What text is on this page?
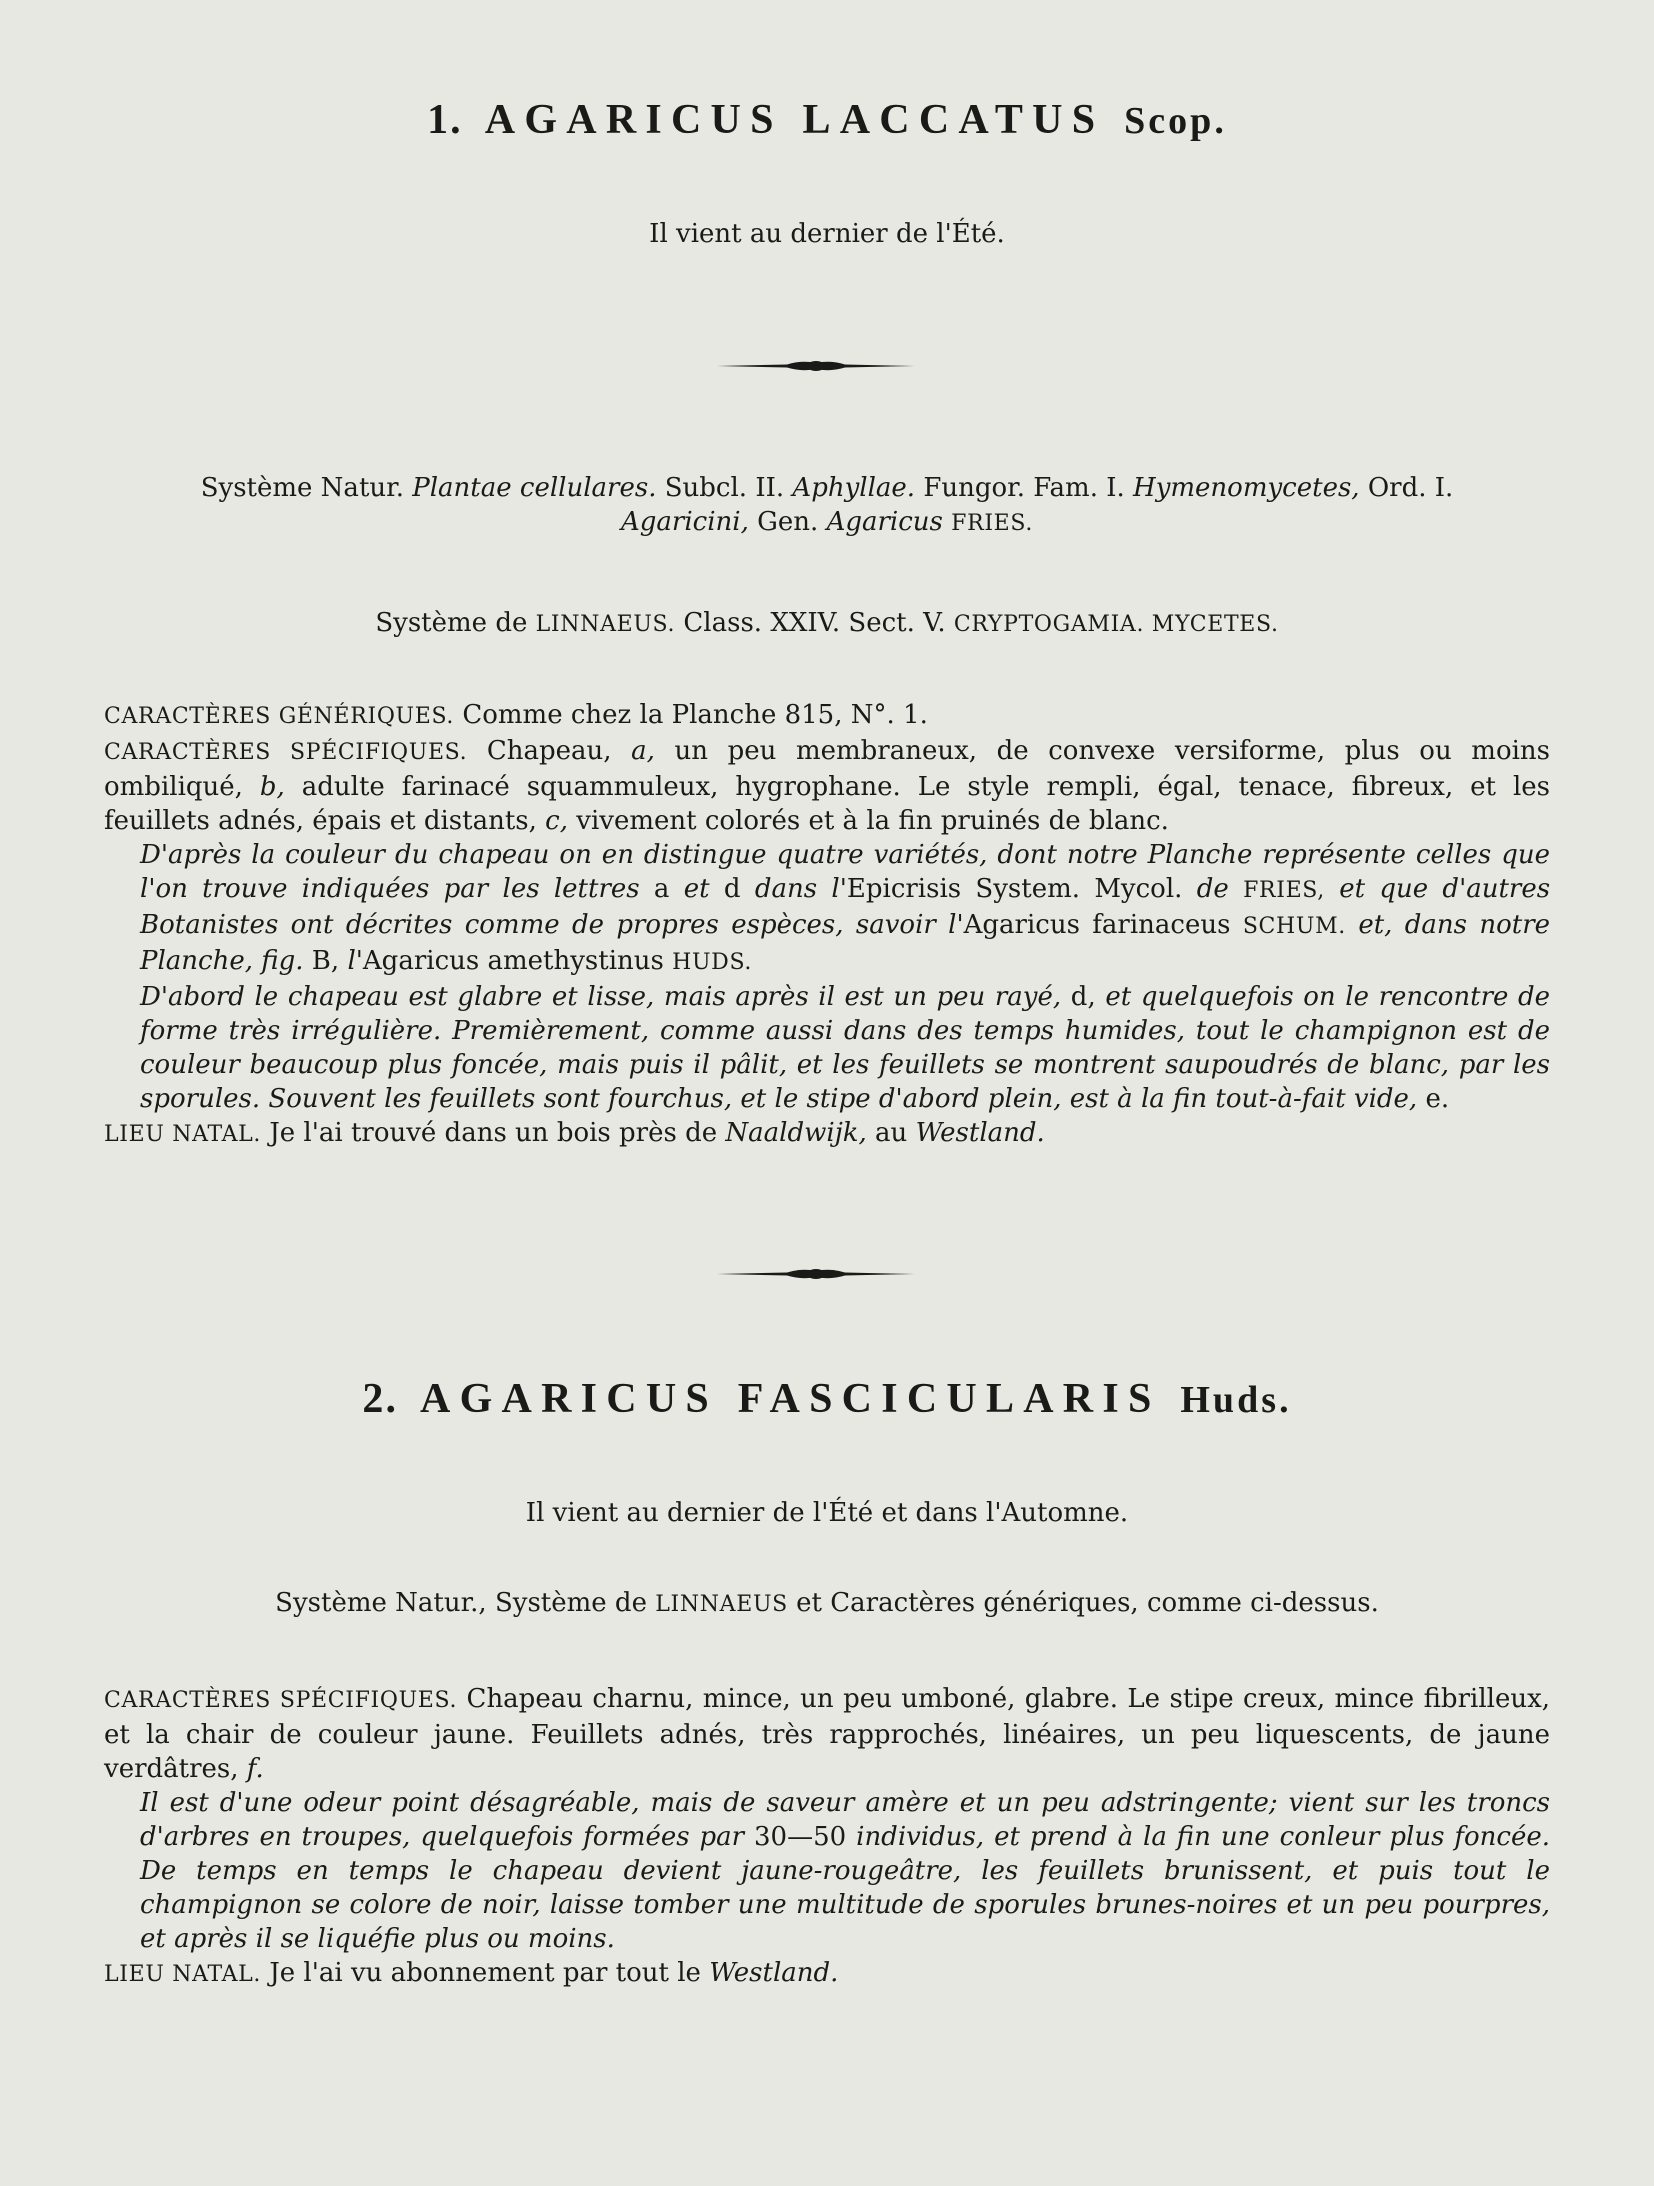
1. AGARICUS LACCATUS Scop.
Il vient au dernier de l'Été.
Système Natur. Plantae cellulares. Subcl. II. Aphyllae. Fungor. Fam. I. Hymenomycetes, Ord. I.
Agaricini, Gen. Agaricus FRIES.
Système de LINNAEUS. Class. XXIV. Sect. V. CRYPTOGAMIA. MYCETES.

CARACTÈRES GÉNÉRIQUES. Comme chez la Planche 815, N°. 1.

CARACTÈRES SPÉCIFIQUES. Chapeau, a, un peu membraneux, de convexe versiforme, plus ou moins ombiliqué, b, adulte farinacé squammuleux, hygrophane. Le style rempli, égal, tenace, fibreux, et les feuillets adnés, épais et distants, c, vivement colorés et à la fin pruinés de blanc.

D'après la couleur du chapeau on en distingue quatre variétés, dont notre Planche représente celles que l'on trouve indiquées par les lettres a et d dans l'Epicrisis System. Mycol. de FRIES, et que d'autres Botanistes ont décrites comme de propres espèces, savoir l'Agaricus farinaceus SCHUM. et, dans notre Planche, fig. B, l'Agaricus amethystinus HUDS.

D'abord le chapeau est glabre et lisse, mais après il est un peu rayé, d, et quelquefois on le rencontre de forme très irrégulière. Premièrement, comme aussi dans des temps humides, tout le champignon est de couleur beaucoup plus foncée, mais puis il pâlit, et les feuillets se montrent saupoudrés de blanc, par les sporules. Souvent les feuillets sont fourchus, et le stipe d'abord plein, est à la fin tout-à-fait vide, e.

LIEU NATAL. Je l'ai trouvé dans un bois près de Naaldwijk, au Westland.

2. AGARICUS FASCICULARIS Huds.
Il vient au dernier de l'Été et dans l'Automne.
Système Natur., Système de LINNAEUS et Caractères génériques, comme ci-dessus.

CARACTÈRES SPÉCIFIQUES. Chapeau charnu, mince, un peu umboné, glabre. Le stipe creux, mince fibrilleux, et la chair de couleur jaune. Feuillets adnés, très rapprochés, linéaires, un peu liquescents, de jaune verdâtres, f.

Il est d'une odeur point désagréable, mais de saveur amère et un peu adstringente; vient sur les troncs d'arbres en troupes, quelquefois formées par 30—50 individus, et prend à la fin une conleur plus foncée. De temps en temps le chapeau devient jaune-rougeâtre, les feuillets brunissent, et puis tout le champignon se colore de noir, laisse tomber une multitude de sporules brunes-noires et un peu pourpres, et après il se liquéfie plus ou moins.

LIEU NATAL. Je l'ai vu abonnement par tout le Westland.
